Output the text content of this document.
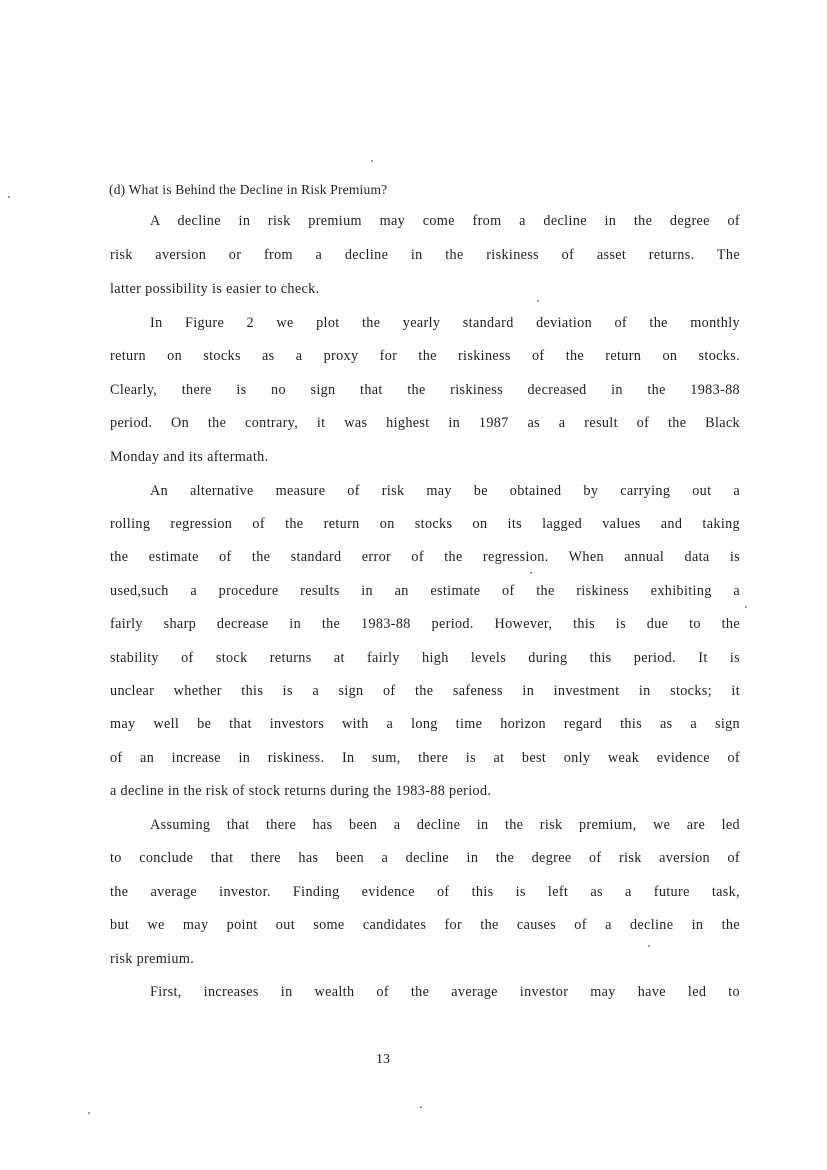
(d) What is Behind the Decline in Risk Premium?
A decline in risk premium may come from a decline in the degree of
risk aversion or from a decline in the riskiness of asset returns. The
latter possibility is easier to check.
In Figure 2 we plot the yearly standard deviation of the monthly
return on stocks as a proxy for the riskiness of the return on stocks.
Clearly, there is no sign that the riskiness decreased in the 1983-88
period. On the contrary, it was highest in 1987 as a result of the Black
Monday and its aftermath.
An alternative measure of risk may be obtained by carrying out a
rolling regression of the return on stocks on its lagged values and taking
the estimate of the standard error of the regression. When annual data is
used,such a procedure results in an estimate of the riskiness exhibiting a
fairly sharp decrease in the 1983-88 period. However, this is due to the
stability of stock returns at fairly high levels during this period. It is
unclear whether this is a sign of the safeness in investment in stocks; it
may well be that investors with a long time horizon regard this as a sign
of an increase in riskiness. In sum, there is at best only weak evidence of
a decline in the risk of stock returns during the 1983-88 period.
Assuming that there has been a decline in the risk premium, we are led
to conclude that there has been a decline in the degree of risk aversion of
the average investor. Finding evidence of this is left as a future task,
but we may point out some candidates for the causes of a decline in the
risk premium.
First, increases in wealth of the average investor may have led to
13
